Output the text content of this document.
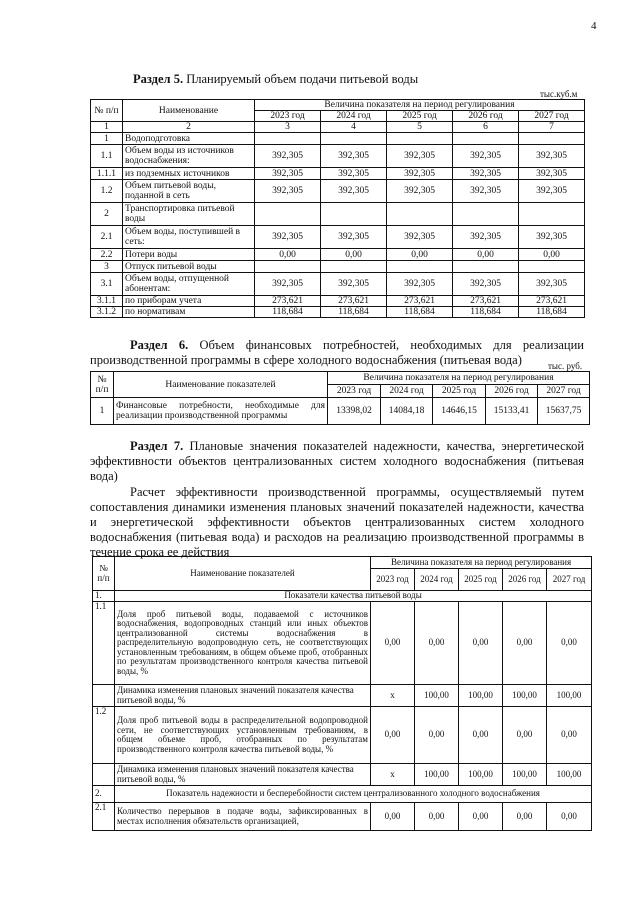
4
Раздел 5. Планируемый объем подачи питьевой воды
тыс.куб.м
№ п/п	Наименование	Величина показателя на период регулирования				
		2023 год	2024 год	2025 год	2026 год	2027 год
1	2	3	4	5	6	7
1	Водоподготовка					
1.1	Объем воды из источников водоснабжения:	392,305	392,305	392,305	392,305	392,305
1.1.1	из подземных источников	392,305	392,305	392,305	392,305	392,305
1.2	Объем питьевой воды, поданной в сеть	392,305	392,305	392,305	392,305	392,305
2	Транспортировка питьевой воды					
2.1	Объем воды, поступившей в сеть:	392,305	392,305	392,305	392,305	392,305
2.2	Потери воды	0,00	0,00	0,00	0,00	0,00
3	Отпуск питьевой воды					
3.1	Объем воды, отпущенной абонентам:	392,305	392,305	392,305	392,305	392,305
3.1.1	по приборам учета	273,621	273,621	273,621	273,621	273,621
3.1.2	по нормативам	118,684	118,684	118,684	118,684	118,684
Раздел 6. Объем финансовых потребностей, необходимых для реализации производственной программы в сфере холодного водоснабжения (питьевая вода)	тыс. руб.
№ п/п	Наименование показателей	Величина показателя на период регулирования				
		2023 год	2024 год	2025 год	2026 год	2027 год
1	Финансовые потребности, необходимые для реализации производственной программы	13398,02	14084,18	14646,15	15133,41	15637,75
Раздел 7. Плановые значения показателей надежности, качества, энергетической эффективности объектов централизованных систем холодного водоснабжения (питьевая вода)
Расчет эффективности производственной программы, осуществляемый путем сопоставления динамики изменения плановых значений показателей надежности, качества и энергетической эффективности объектов централизованных систем холодного водоснабжения (питьевая вода) и расходов на реализацию производственной программы в течение срока ее действия
№ п/п	Наименование показателей	Величина показателя на период регулирования				
		2023 год	2024 год	2025 год	2026 год	2027 год
1.	Показатели качества питьевой воды					
1.1	Доля проб питьевой воды, подаваемой с источников водоснабжения, водопроводных станций или иных объектов централизованной системы водоснабжения в распределительную водопроводную сеть, не соответствующих установленным требованиям, в общем объеме проб, отобранных по результатам производственного контроля качества питьевой воды, %	0,00	0,00	0,00	0,00	0,00
	Динамика изменения плановых значений показателя качества питьевой воды, %	х	100,00	100,00	100,00	100,00
1.2	Доля проб питьевой воды в распределительной водопроводной сети, не соответствующих установленным требованиям, в общем объеме проб, отобранных по результатам производственного контроля качества питьевой воды, %	0,00	0,00	0,00	0,00	0,00
	Динамика изменения плановых значений показателя качества питьевой воды, %	х	100,00	100,00	100,00	100,00
2.	Показатель надежности и бесперебойности систем централизованного холодного водоснабжения					
2.1	Количество перерывов в подаче воды, зафиксированных в местах исполнения обязательств организацией,	0,00	0,00	0,00	0,00	0,00
